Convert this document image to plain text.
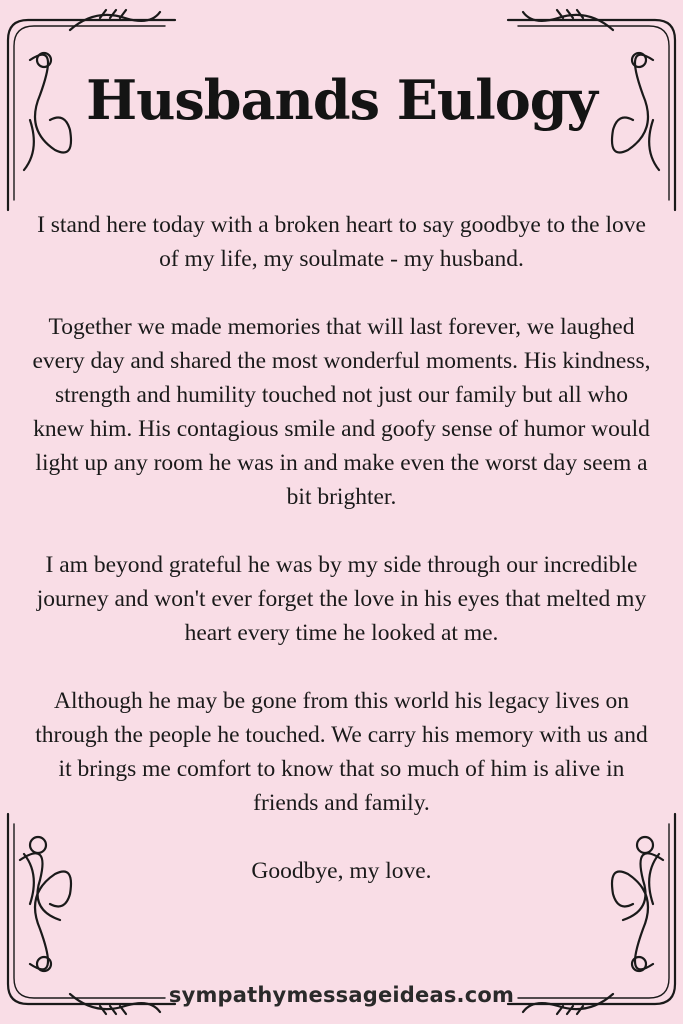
Husbands Eulogy

I stand here today with a broken heart to say goodbye to the love of my life, my soulmate - my husband.

Together we made memories that will last forever, we laughed every day and shared the most wonderful moments. His kindness, strength and humility touched not just our family but all who knew him. His contagious smile and goofy sense of humor would light up any room he was in and make even the worst day seem a bit brighter.

I am beyond grateful he was by my side through our incredible journey and won't ever forget the love in his eyes that melted my heart every time he looked at me.

Although he may be gone from this world his legacy lives on through the people he touched. We carry his memory with us and it brings me comfort to know that so much of him is alive in friends and family.

Goodbye, my love.

sympathymessageideas.com
